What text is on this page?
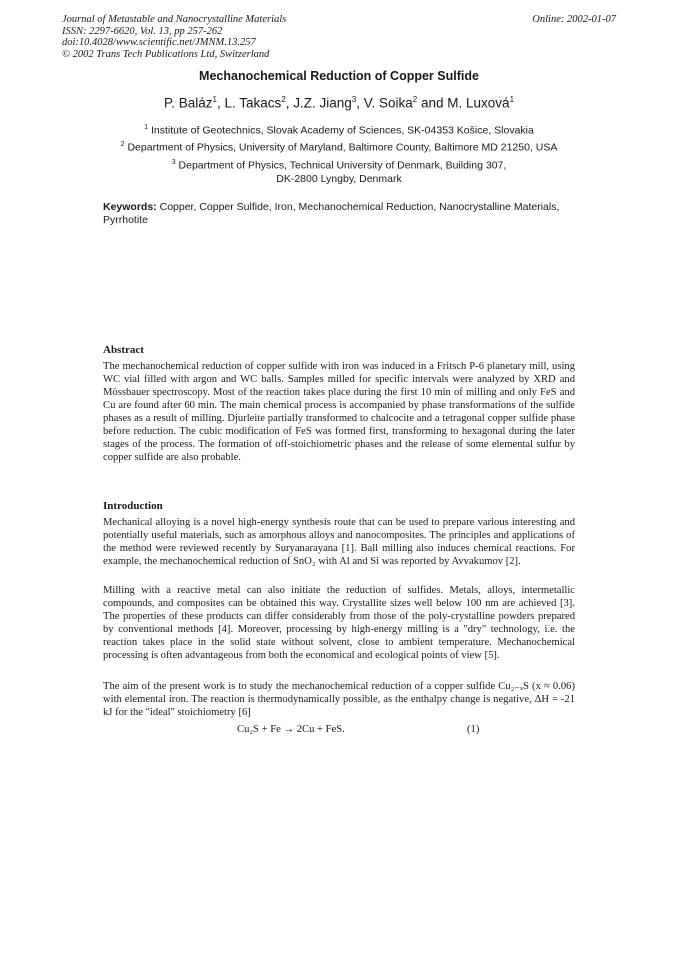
Journal of Metastable and Nanocrystalline Materials
ISSN: 2297-6620, Vol. 13, pp 257-262
doi:10.4028/www.scientific.net/JMNM.13.257
© 2002 Trans Tech Publications Ltd, Switzerland
Online: 2002-01-07
Mechanochemical Reduction of Copper Sulfide
P. Baláz$^1$, L. Takacs$^2$, J.Z. Jiang$^3$, V. Soika$^2$ and M. Luxová$^1$
$^1$ Institute of Geotechnics, Slovak Academy of Sciences, SK-04353 Košice, Slovakia
$^2$ Department of Physics, University of Maryland, Baltimore County, Baltimore MD 21250, USA
$^3$ Department of Physics, Technical University of Denmark, Building 307,
DK-2800 Lyngby, Denmark
Keywords: Copper, Copper Sulfide, Iron, Mechanochemical Reduction, Nanocrystalline Materials, Pyrrhotite
Abstract
The mechanochemical reduction of copper sulfide with iron was induced in a Fritsch P-6 planetary mill, using WC vial filled with argon and WC balls. Samples milled for specific intervals were analyzed by XRD and Mössbauer spectroscopy. Most of the reaction takes place during the first 10 min of milling and only FeS and Cu are found after 60 min. The main chemical process is accompanied by phase transformations of the sulfide phases as a result of milling. Djurleite partially transformed to chalcocite and a tetragonal copper sulfide phase before reduction. The cubic modification of FeS was formed first, transforming to hexagonal during the later stages of the process. The formation of off-stoichiometric phases and the release of some elemental sulfur by copper sulfide are also probable.
Introduction
Mechanical alloying is a novel high-energy synthesis route that can be used to prepare various interesting and potentially useful materials, such as amorphous alloys and nanocomposites. The principles and applications of the method were reviewed recently by Suryanarayana [1]. Ball milling also induces chemical reactions. For example, the mechanochemical reduction of SnO₂ with Al and Si was reported by Avvakumov [2].
Milling with a reactive metal can also initiate the reduction of sulfides. Metals, alloys, intermetallic compounds, and composites can be obtained this way. Crystallite sizes well below 100 nm are achieved [3]. The properties of these products can differ considerably from those of the poly-crystalline powders prepared by conventional methods [4]. Moreover, processing by high-energy milling is a "dry" technology, i.e. the reaction takes place in the solid state without solvent, close to ambient temperature. Mechanochemical processing is often advantageous from both the economical and ecological points of view [5].
The aim of the present work is to study the mechanochemical reduction of a copper sulfide Cu₂₋ₓS (x ≈ 0.06) with elemental iron. The reaction is thermodynamically possible, as the enthalpy change is negative, ΔH = -21 kJ for the "ideal" stoichiometry [6]
Cu₂S + Fe → 2Cu + FeS.	(1)
